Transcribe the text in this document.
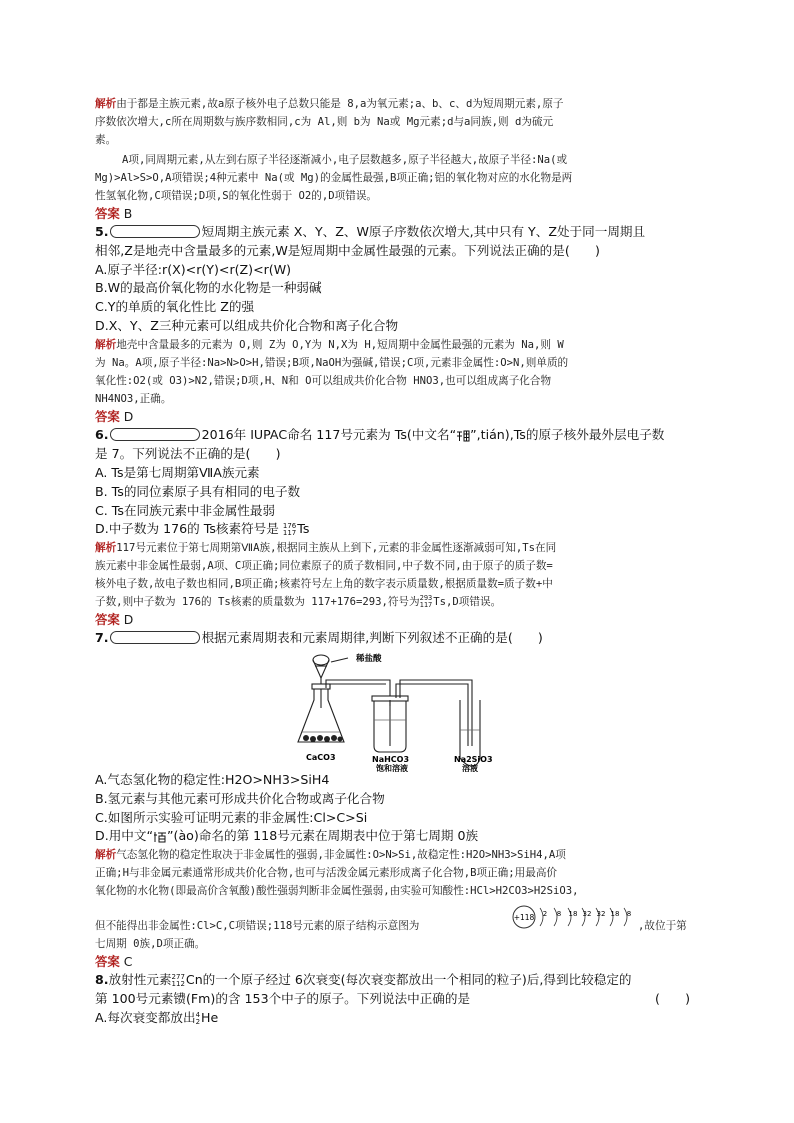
解析由于都是主族元素,故a原子核外电子总数只能是 8,a为氧元素;a、b、c、d为短周期元素,原子
序数依次增大,c所在周期数与族序数相同,c为 Al,则 b为 Na或 Mg元素;d与a同族,则 d为硫元
素。
A项,同周期元素,从左到右原子半径逐渐减小,电子层数越多,原子半径越大,故原子半径:Na(或
Mg)>Al>S>O,A项错误;4种元素中 Na(或 Mg)的金属性最强,B项正确;铝的氧化物对应的水化物是两
性氢氧化物,C项错误;D项,S的氧化性弱于 O2的,D项错误。
答案 B
5.	短周期主族元素 X、Y、Z、W原子序数依次增大,其中只有 Y、Z处于同一周期且
相邻,Z是地壳中含量最多的元素,W是短周期中金属性最强的元素。下列说法正确的是(　　)
A.原子半径:r(X)<r(Y)<r(Z)<r(W)
B.W的最高价氧化物的水化物是一种弱碱
C.Y的单质的氧化性比 Z的强
D.X、Y、Z三种元素可以组成共价化合物和离子化合物
解析地壳中含量最多的元素为 O,则 Z为 O,Y为 N,X为 H,短周期中金属性最强的元素为 Na,则 W
为 Na。A项,原子半径:Na>N>O>H,错误;B项,NaOH为强碱,错误;C项,元素非金属性:O>N,则单质的
氧化性:O2(或 O3)>N2,错误;D项,H、N和 O可以组成共价化合物 HNO3,也可以组成离子化合物
NH4NO3,正确。
答案 D
6.	2016年 IUPAC命名 117号元素为 Ts(中文名“ ”,tián),Ts的原子核外最外层电子数
是 7。下列说法不正确的是(　　)
A. Ts是第七周期第ⅦA族元素
B. Ts的同位素原子具有相同的电子数
C. Ts在同族元素中非金属性最弱
D.中子数为 176的 Ts核素符号是 176
117 Ts
解析117号元素位于第七周期第ⅦA族,根据同主族从上到下,元素的非金属性逐渐减弱可知,Ts在同
族元素中非金属性最弱,A项、C项正确;同位素原子的质子数相同,中子数不同,由于原子的质子数=
核外电子数,故电子数也相同,B项正确;核素符号左上角的数字表示质量数,根据质量数=质子数+中
子数,则中子数为 176的 Ts核素的质量数为 117+176=293,符号为 293
117 Ts,D项错误。
答案 D
7.	根据元素周期表和元素周期律,判断下列叙述不正确的是(　　)
稀盐酸
CaCO3	NaHCO3
饱和溶液
Na2SiO3
溶液
A.气态氢化物的稳定性:H2O>NH3>SiH4
B.氢元素与其他元素可形成共价化合物或离子化合物
C.如图所示实验可证明元素的非金属性:Cl>C>Si
D.用中文“ ”(ào)命名的第 118号元素在周期表中位于第七周期 0族
解析气态氢化物的稳定性取决于非金属性的强弱,非金属性:O>N>Si,故稳定性:H2O>NH3>SiH4,A项
正确;H与非金属元素通常形成共价化合物,也可与活泼金属元素形成离子化合物,B项正确;用最高价
氧化物的水化物(即最高价含氧酸)酸性强弱判断非金属性强弱,由实验可知酸性:HCl>H2CO3>H2SiO3,
但不能得出非金属性:Cl>C,C项错误;118号元素的原子结构示意图为
+118 2 8 18 32 32 18 8
,故位于第
七周期 0族,D项正确。
答案 C
8.放射性元素 277
112 Cn的一个原子经过 6次衰变(每次衰变都放出一个相同的粒子)后,得到比较稳定的
第 100号元素镄(Fm)的含 153个中子的原子。下列说法中正确的是	(　　)
A.每次衰变都放出 4
2 He
